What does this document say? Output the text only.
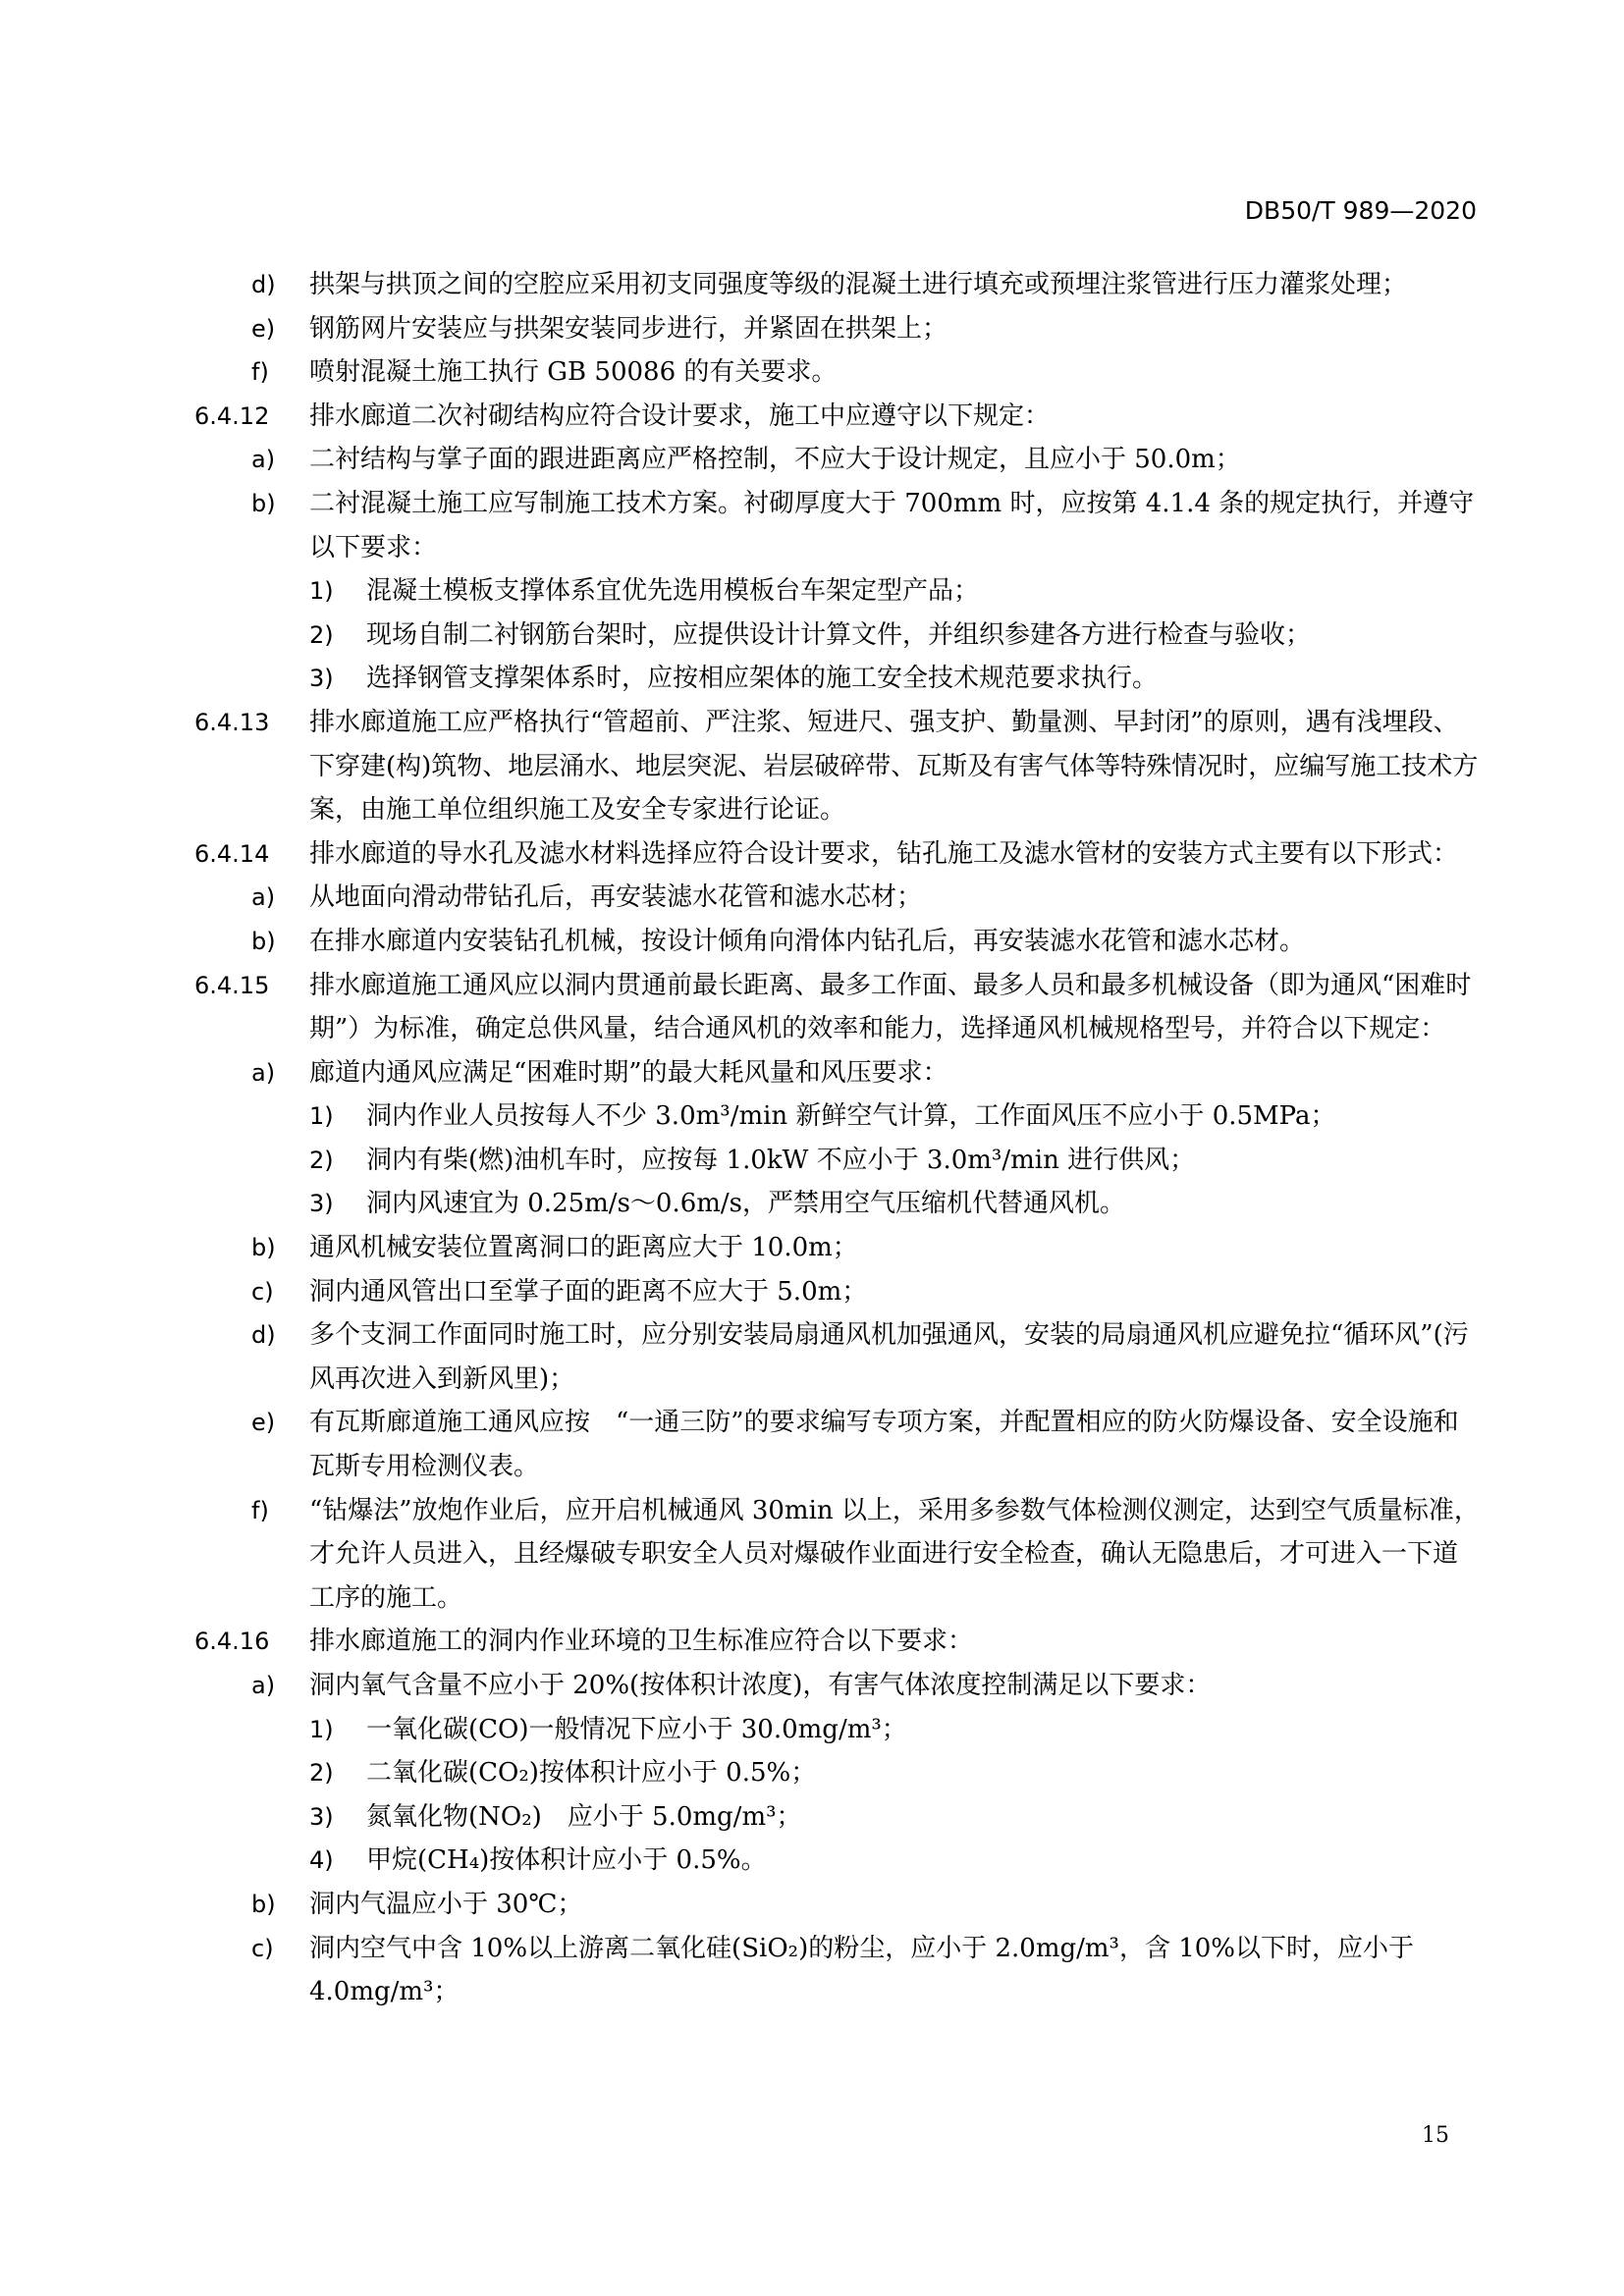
DB50/T 989—2020
d) 拱架与拱顶之间的空腔应采用初支同强度等级的混凝土进行填充或预埋注浆管进行压力灌浆处理；
e) 钢筋网片安装应与拱架安装同步进行，并紧固在拱架上；
f) 喷射混凝土施工执行 GB 50086 的有关要求。
6.4.12 排水廊道二次衬砌结构应符合设计要求，施工中应遵守以下规定：
a) 二衬结构与掌子面的跟进距离应严格控制，不应大于设计规定，且应小于 50.0m；
b) 二衬混凝土施工应写制施工技术方案。衬砌厚度大于 700mm 时，应按第 4.1.4 条的规定执行，并遵守以下要求：
1) 混凝土模板支撑体系宜优先选用模板台车架定型产品；
2) 现场自制二衬钢筋台架时，应提供设计计算文件，并组织参建各方进行检查与验收；
3) 选择钢管支撑架体系时，应按相应架体的施工安全技术规范要求执行。
6.4.13 排水廊道施工应严格执行“管超前、严注浆、短进尺、强支护、勤量测、早封闭”的原则，遇有浅埋段、下穿建(构)筑物、地层涌水、地层突泥、岩层破碎带、瓦斯及有害气体等特殊情况时，应编写施工技术方案，由施工单位组织施工及安全专家进行论证。
6.4.14 排水廊道的导水孔及滤水材料选择应符合设计要求，钻孔施工及滤水管材的安装方式主要有以下形式：
a) 从地面向滑动带钻孔后，再安装滤水花管和滤水芯材；
b) 在排水廊道内安装钻孔机械，按设计倾角向滑体内钻孔后，再安装滤水花管和滤水芯材。
6.4.15 排水廊道施工通风应以洞内贯通前最长距离、最多工作面、最多人员和最多机械设备（即为通风“困难时期”）为标准，确定总供风量，结合通风机的效率和能力，选择通风机械规格型号，并符合以下规定：
a) 廊道内通风应满足“困难时期”的最大耗风量和风压要求：
1) 洞内作业人员按每人不少 3.0m³/min 新鲜空气计算，工作面风压不应小于 0.5MPa；
2) 洞内有柴(燃)油机车时，应按每 1.0kW 不应小于 3.0m³/min 进行供风；
3) 洞内风速宜为 0.25m/s～0.6m/s，严禁用空气压缩机代替通风机。
b) 通风机械安装位置离洞口的距离应大于 10.0m；
c) 洞内通风管出口至掌子面的距离不应大于 5.0m；
d) 多个支洞工作面同时施工时，应分别安装局扇通风机加强通风，安装的局扇通风机应避免拉“循环风”(污风再次进入到新风里)；
e) 有瓦斯廊道施工通风应按　“一通三防”的要求编写专项方案，并配置相应的防火防爆设备、安全设施和瓦斯专用检测仪表。
f) “钻爆法”放炮作业后，应开启机械通风 30min 以上，采用多参数气体检测仪测定，达到空气质量标准，才允许人员进入，且经爆破专职安全人员对爆破作业面进行安全检查，确认无隐患后，才可进入一下道工序的施工。
6.4.16 排水廊道施工的洞内作业环境的卫生标准应符合以下要求：
a) 洞内氧气含量不应小于 20%(按体积计浓度)，有害气体浓度控制满足以下要求：
1) 一氧化碳(CO)一般情况下应小于 30.0mg/m³；
2) 二氧化碳(CO₂)按体积计应小于 0.5%；
3) 氮氧化物(NO₂)　应小于 5.0mg/m³；
4) 甲烷(CH₄)按体积计应小于 0.5%。
b) 洞内气温应小于 30℃；
c) 洞内空气中含 10%以上游离二氧化硅(SiO₂)的粉尘，应小于 2.0mg/m³，含 10%以下时，应小于 4.0mg/m³；
15
